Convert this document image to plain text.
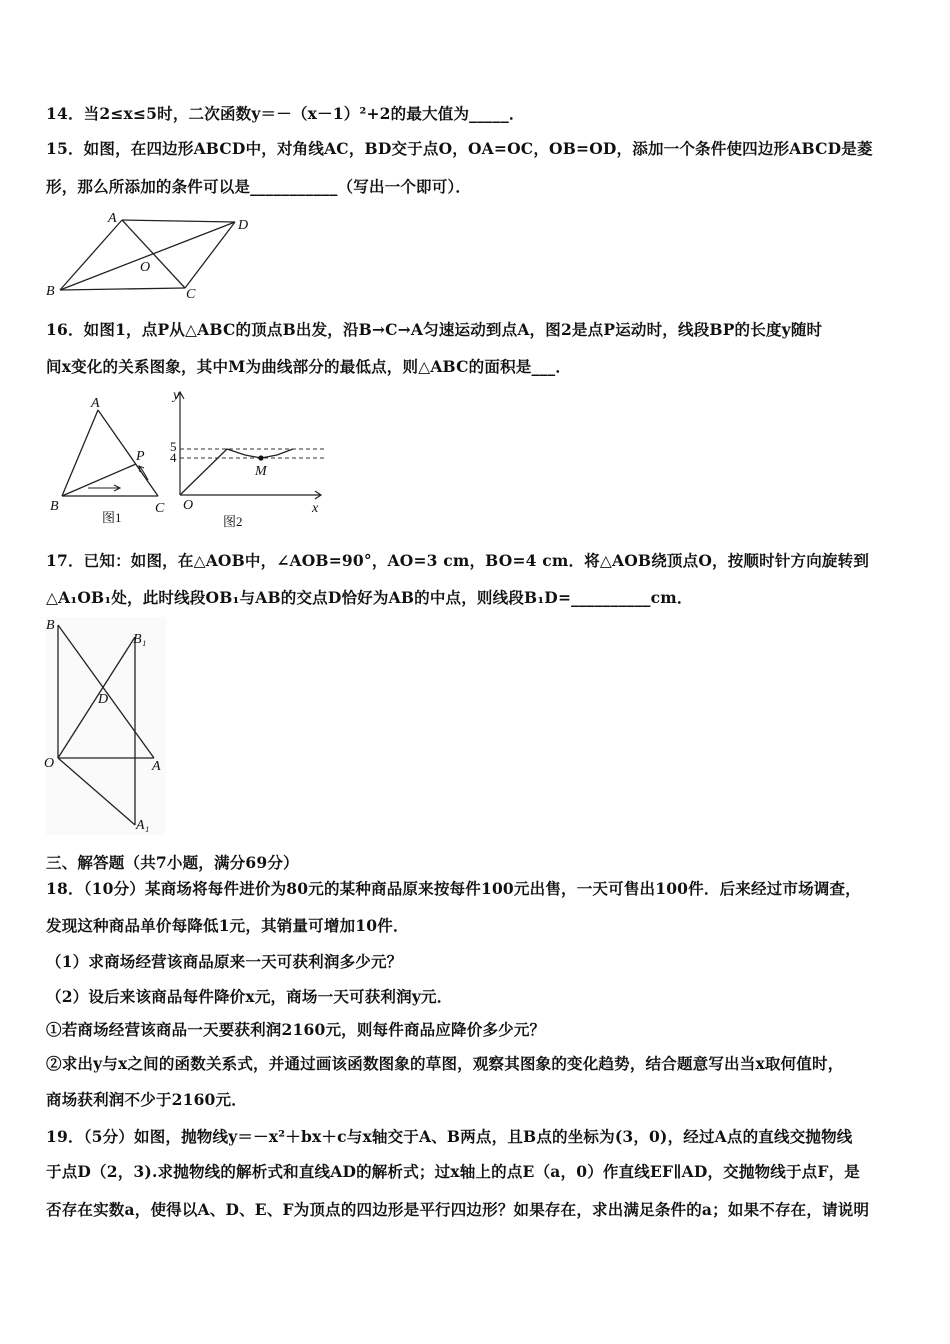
14．当2≤x≤5时，二次函数y＝－（x－1）²+2的最大值为_____．
15．如图，在四边形ABCD中，对角线AC，BD交于点O，OA=OC，OB=OD，添加一个条件使四边形ABCD是菱
形，那么所添加的条件可以是___________（写出一个即可）．
A	D
O
B	C
16．如图1，点P从△ABC的顶点B出发，沿B→C→A匀速运动到点A，图2是点P运动时，线段BP的长度y随时
间x变化的关系图象，其中M为曲线部分的最低点，则△ABC的面积是___．
A
P
B	C
图1
y
5
4
M
O	x
图2
17．已知：如图，在△AOB中，∠AOB=90°，AO=3 cm，BO=4 cm．将△AOB绕顶点O，按顺时针方向旋转到
△A₁OB₁处，此时线段OB₁与AB的交点D恰好为AB的中点，则线段B₁D=__________cm．
B
B₁
D
O	A
A₁
三、解答题（共7小题，满分69分）
18．（10分）某商场将每件进价为80元的某种商品原来按每件100元出售，一天可售出100件．后来经过市场调查，
发现这种商品单价每降低1元，其销量可增加10件．
（1）求商场经营该商品原来一天可获利润多少元？
（2）设后来该商品每件降价x元，商场一天可获利润y元．
①若商场经营该商品一天要获利润2160元，则每件商品应降价多少元？
②求出y与x之间的函数关系式，并通过画该函数图象的草图，观察其图象的变化趋势，结合题意写出当x取何值时，
商场获利润不少于2160元．
19．（5分）如图，抛物线y＝－x²＋bx＋c与x轴交于A、B两点，且B点的坐标为(3，0)，经过A点的直线交抛物线
于点D（2，3).求抛物线的解析式和直线AD的解析式；过x轴上的点E（a，0）作直线EF∥AD，交抛物线于点F，是
否存在实数a，使得以A、D、E、F为顶点的四边形是平行四边形？如果存在，求出满足条件的a；如果不存在，请说明
